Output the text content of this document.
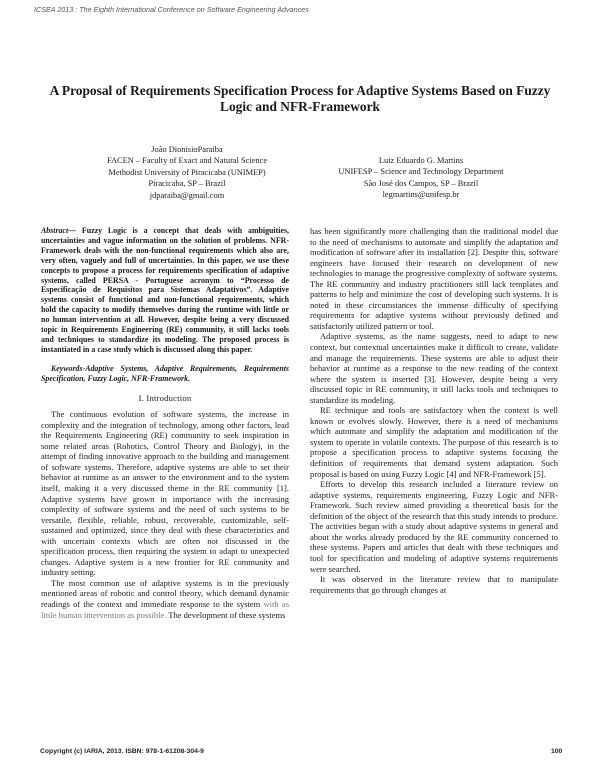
ICSEA 2013 : The Eighth International Conference on Software Engineering Advances
A Proposal of Requirements Specification Process for Adaptive Systems Based on Fuzzy Logic and NFR-Framework
João DionisioParaiba
FACEN – Faculty of Exact and Natural Science
Methodist University of Piracicaba (UNIMEP)
Piracicaba, SP – Brazil
jdparaiba@gmail.com
Luiz Eduardo G. Martins
UNIFESP – Science and Technology Department
São José dos Campos, SP – Brazil
legmartins@unifesp.br

Abstract— Fuzzy Logic is a concept that deals with ambiguities, uncertainties and vague information on the solution of problems. NFR-Framework deals with the non-functional requirements which also are, very often, vaguely and full of uncertainties. In this paper, we use these concepts to propose a process for requirements specification of adaptive systems, called PERSA - Portuguese acronym to “Processo de Especificação de Requisitos para Sistemas Adaptativos”. Adaptive systems consist of functional and non-functional requirements, which hold the capacity to modify themselves during the runtime with little or no human intervention at all. However, despite being a very discussed topic in Requirements Engineering (RE) community, it still lacks tools and techniques to standardize its modeling. The proposed process is instantiated in a case study which is discussed along this paper.

Keywords-Adaptive Systems, Adaptive Requirements, Requirements Specification, Fuzzy Logic, NFR-Framework.

I. Introduction

The continuous evolution of software systems, the increase in complexity and the integration of technology, among other factors, lead the Requirements Engineering (RE) community to seek inspiration in some related areas (Robotics, Control Theory and Biology), in the attempt of finding innovative approach to the building and management of software systems. Therefore, adaptive systems are able to set their behavior at runtime as an answer to the environment and to the system itself, making it a very discussed theme in the RE community [1]. Adaptive systems have grown in importance with the increasing complexity of software systems and the need of such systems to be versatile, flexible, reliable, robust, recoverable, customizable, self-sustained and optimized, since they deal with these characteristics and with uncertain contexts which are often not discussed in the specification process, then requiring the system to adapt to unexpected changes. Adaptive system is a new frontier for RE community and industry setting.

The most common use of adaptive systems is in the previously mentioned areas of robotic and control theory, which demand dynamic readings of the context and immediate response to the system with as little human intervention as possible. The development of these systems

has been significantly more challenging than the traditional model due to the need of mechanisms to automate and simplify the adaptation and modification of software after its installation [2]. Despite this, software engineers have focused their research on development of new technologies to manage the progressive complexity of software systems. The RE community and industry practitioners still lack templates and patterns to help and minimize the cost of developing such systems. It is noted in these circumstances the immense difficulty of specifying requirements for adaptive systems without previously defined and satisfactorily utilized pattern or tool.

Adaptive systems, as the name suggests, need to adapt to new context, but contextual uncertainties make it difficult to create, validate and manage the requirements. These systems are able to adjust their behavior at runtime as a response to the new reading of the context where the system is inserted [3]. However, despite being a very discussed topic in RE community, it still lacks tools and techniques to standardize its modeling.

RE technique and tools are satisfactory when the context is well known or evolves slowly. However, there is a need of mechanisms which automate and simplify the adaptation and modification of the system to operate in volatile contexts. The purpose of this research is to propose a specification process to adaptive systems focusing the definition of requirements that demand system adaptation. Such proposal is based on using Fuzzy Logic [4] and NFR-Framework [5].

Efforts to develop this research included a literature review on adaptive systems, requirements engineering, Fuzzy Logic and NFR-Framework. Such review aimed providing a theoretical basis for the definition of the object of the research that this study intends to produce. The activities began with a study about adaptive systems in general and about the works already produced by the RE community concerned to these systems. Papers and articles that dealt with these techniques and tool for specification and modeling of adaptive systems requirements were searched.

It was observed in the literature review that to manipulate requirements that go through changes at

Copyright (c) IARIA, 2013. ISBN: 978-1-61208-304-9	100
